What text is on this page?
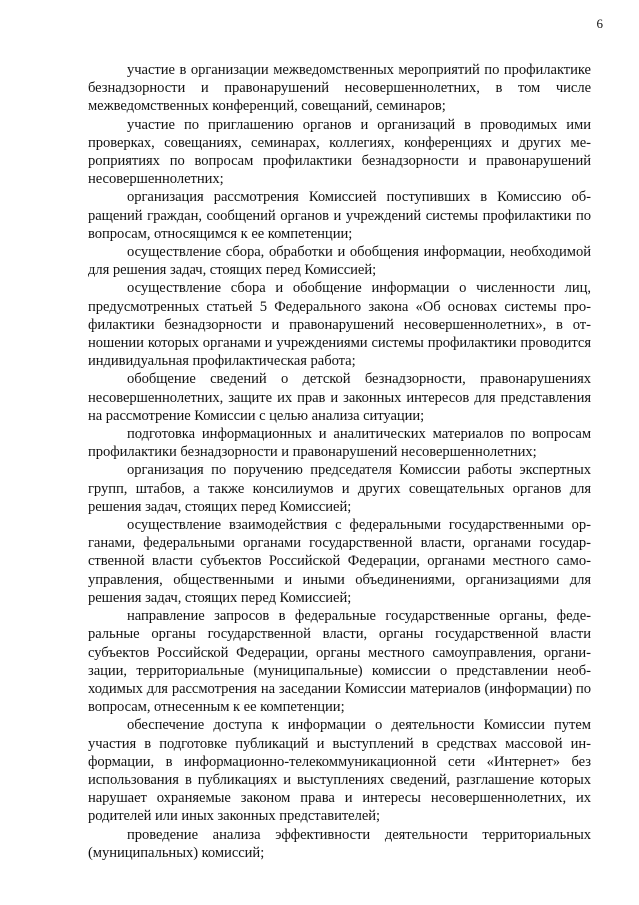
6

участие в организации межведомственных мероприятий по профилактике безнадзорности и правонарушений несовершеннолетних, в том числе межведомственных конференций, совещаний, семинаров;

участие по приглашению органов и организаций в проводимых ими проверках, совещаниях, семинарах, коллегиях, конференциях и других мероприятиях по вопросам профилактики безнадзорности и правонарушений несовершеннолетних;

организация рассмотрения Комиссией поступивших в Комиссию обращений граждан, сообщений органов и учреждений системы профилактики по вопросам, относящимся к ее компетенции;

осуществление сбора, обработки и обобщения информации, необходимой для решения задач, стоящих перед Комиссией;

осуществление сбора и обобщение информации о численности лиц, предусмотренных статьей 5 Федерального закона «Об основах системы профилактики безнадзорности и правонарушений несовершеннолетних», в отношении которых органами и учреждениями системы профилактики проводится индивидуальная профилактическая работа;

обобщение сведений о детской безнадзорности, правонарушениях несовершеннолетних, защите их прав и законных интересов для представления на рассмотрение Комиссии с целью анализа ситуации;

подготовка информационных и аналитических материалов по вопросам профилактики безнадзорности и правонарушений несовершеннолетних;

организация по поручению председателя Комиссии работы экспертных групп, штабов, а также консилиумов и других совещательных органов для решения задач, стоящих перед Комиссией;

осуществление взаимодействия с федеральными государственными органами, федеральными органами государственной власти, органами государственной власти субъектов Российской Федерации, органами местного самоуправления, общественными и иными объединениями, организациями для решения задач, стоящих перед Комиссией;

направление запросов в федеральные государственные органы, федеральные органы государственной власти, органы государственной власти субъектов Российской Федерации, органы местного самоуправления, организации, территориальные (муниципальные) комиссии о представлении необходимых для рассмотрения на заседании Комиссии материалов (информации) по вопросам, отнесенным к ее компетенции;

обеспечение доступа к информации о деятельности Комиссии путем участия в подготовке публикаций и выступлений в средствах массовой информации, в информационно-телекоммуникационной сети «Интернет» без использования в публикациях и выступлениях сведений, разглашение которых нарушает охраняемые законом права и интересы несовершеннолетних, их родителей или иных законных представителей;

проведение анализа эффективности деятельности территориальных (муниципальных) комиссий;
